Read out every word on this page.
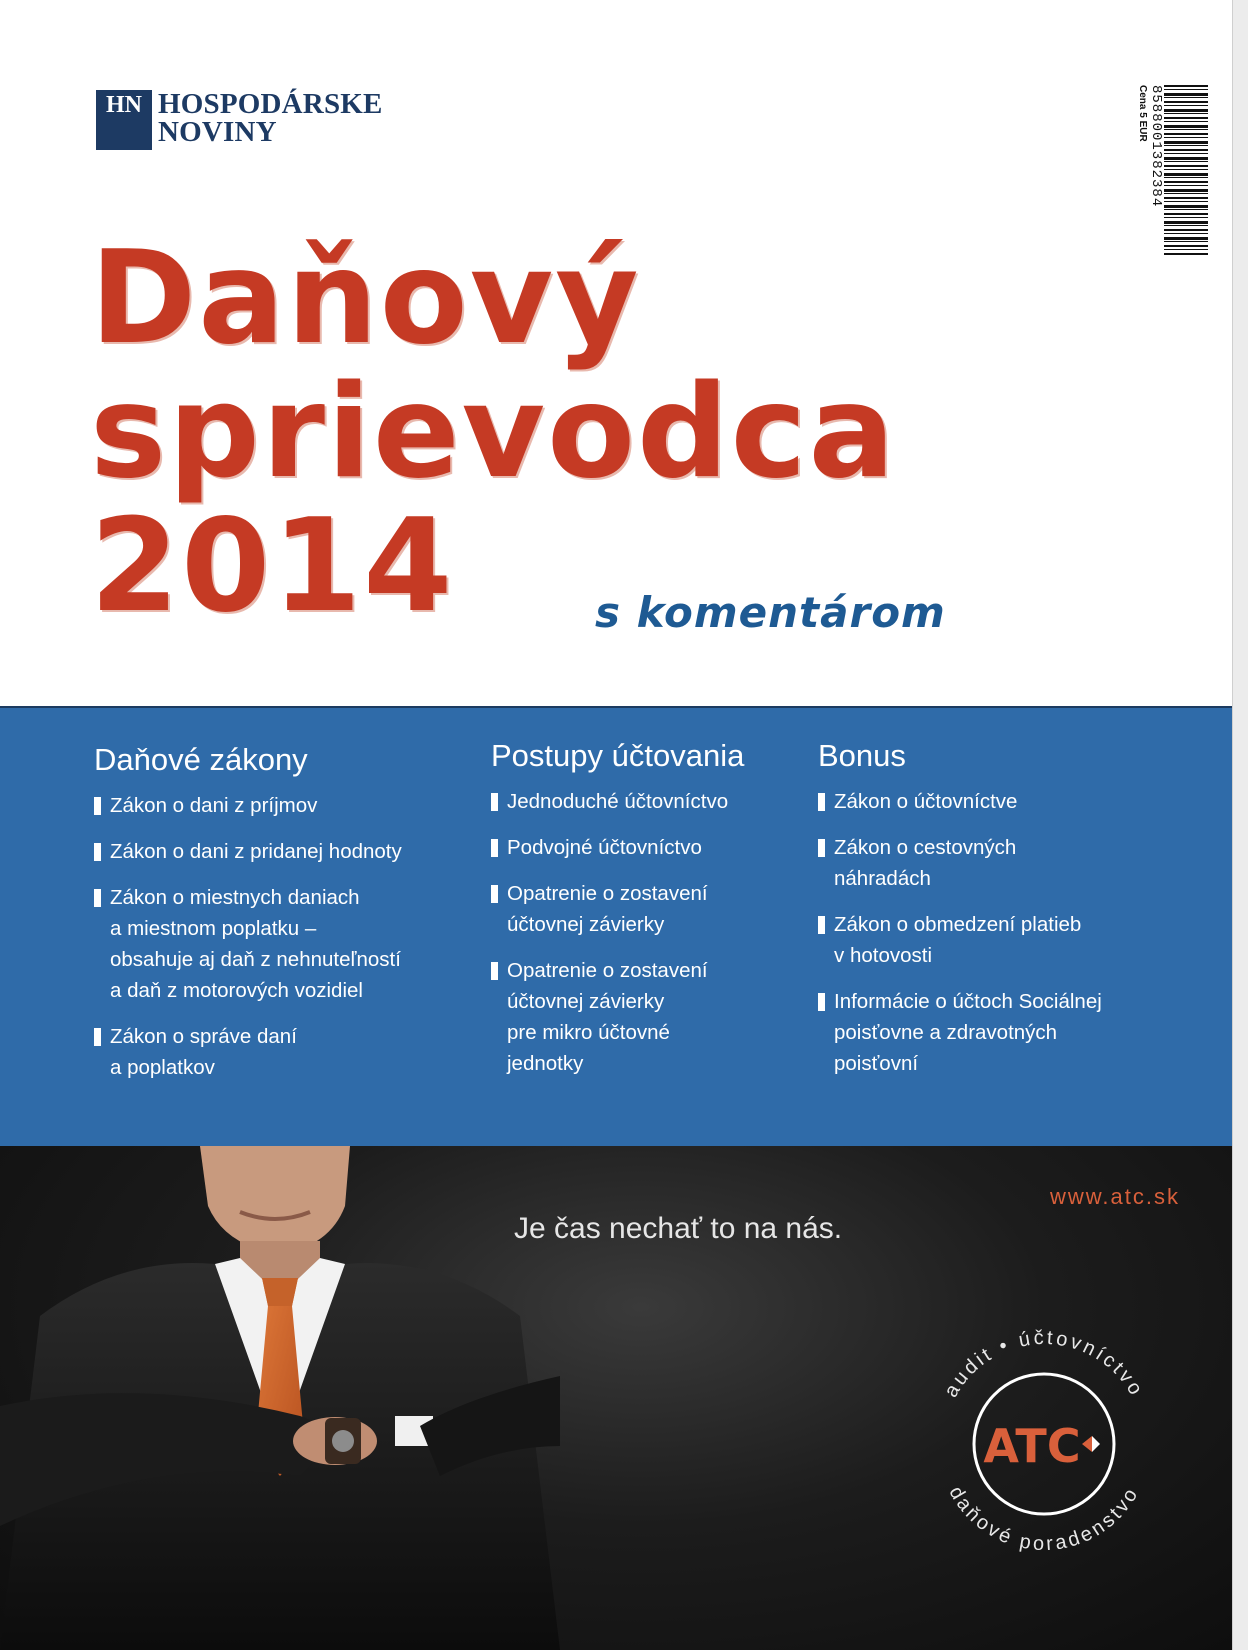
HN HOSPODÁRSKE
NOVINY	8588001382384
Cena 5 EUR
Daňový
sprievodca
2014	s komentárom
Daňové zákony
Zákon o dani z príjmov
Zákon o dani z pridanej hodnoty
Zákon o miestnych daniach
a miestnom poplatku –
obsahuje aj daň z nehnuteľností
a daň z motorových vozidiel
Zákon o správe daní
a poplatkov
Postupy účtovania
Jednoduché účtovníctvo
Podvojné účtovníctvo
Opatrenie o zostavení
účtovnej závierky
Opatrenie o zostavení
účtovnej závierky
pre mikro účtovné
jednotky
Bonus
Zákon o účtovníctve
Zákon o cestovných
náhradách
Zákon o obmedzení platieb
v hotovosti
Informácie o účtoch Sociálnej
poisťovne a zdravotných
poisťovní
www.atc.sk
Je čas nechať to na nás.
audit • účtovníctvo
daňové poradenstvo
ATC
